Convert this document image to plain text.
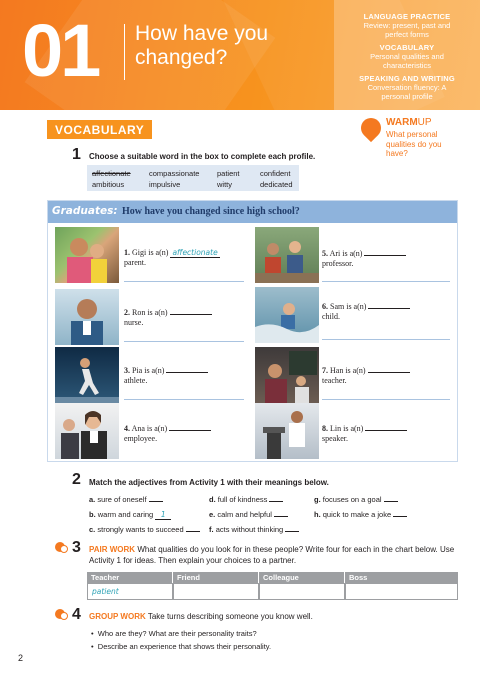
01 How have you changed?
LANGUAGE PRACTICE
Review: present, past and perfect forms
VOCABULARY
Personal qualities and characteristics
SPEAKING AND WRITING
Conversation fluency: A personal profile
VOCABULARY
WARMUP
What personal qualities do you have?
1 Choose a suitable word in the box to complete each profile.
affectionate compassionate patient	confident
ambitious	impulsive	witty	dedicated
Graduates: How have you changed since high school?
1. Gigi is a(n) affectionate
parent.
2. Ron is a(n)
nurse.
3. Pia is a(n)
athlete.
4. Ana is a(n)
employee.
5. Ari is a(n)
professor.
6. Sam is a(n)
child.
7. Han is a(n)
teacher.
8. Lin is a(n)
speaker.
2 Match the adjectives from Activity 1 with their meanings below.
a. sure of oneself	d. full of kindness	g. focuses on a goal
b. warm and caring 1	e. calm and helpful	h. quick to make a joke
c. strongly wants to succeed	f. acts without thinking
3 PAIR WORK What qualities do you look for in these people? Write four for each in the chart below. Use Activity 1 for ideas. Then explain your choices to a partner.
Teacher	Friend	Colleague	Boss
patient
4 GROUP WORK Take turns describing someone you know well.
•  Who are they? What are their personality traits?
•  Describe an experience that shows their personality.
2
